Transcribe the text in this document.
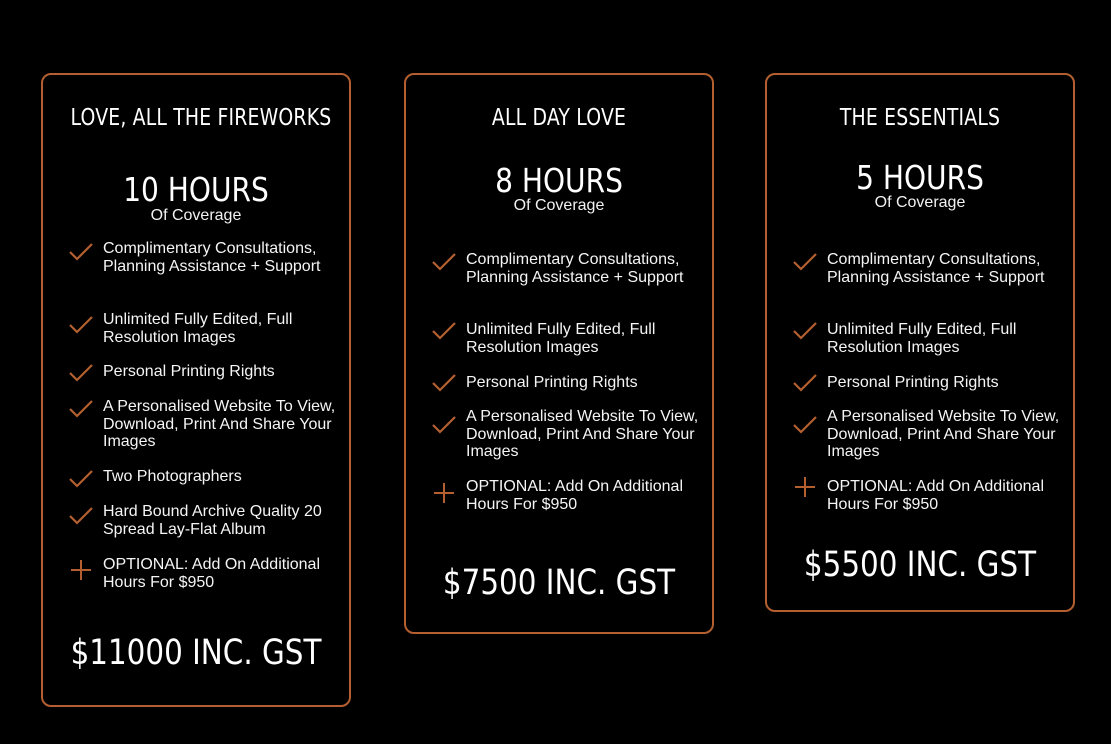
LOVE, ALL THE FIREWORKS
10 HOURS
Of Coverage
Complimentary Consultations, Planning Assistance + Support
Unlimited Fully Edited, Full Resolution Images
Personal Printing Rights
A Personalised Website To View, Download, Print And Share Your Images
Two Photographers
Hard Bound Archive Quality 20 Spread Lay-Flat Album
OPTIONAL: Add On Additional Hours For $950
$11000 INC. GST
ALL DAY LOVE
8 HOURS
Of Coverage
Complimentary Consultations, Planning Assistance + Support
Unlimited Fully Edited, Full Resolution Images
Personal Printing Rights
A Personalised Website To View, Download, Print And Share Your Images
OPTIONAL: Add On Additional Hours For $950
$7500 INC. GST
THE ESSENTIALS
5 HOURS
Of Coverage
Complimentary Consultations, Planning Assistance + Support
Unlimited Fully Edited, Full Resolution Images
Personal Printing Rights
A Personalised Website To View, Download, Print And Share Your Images
OPTIONAL: Add On Additional Hours For $950
$5500 INC. GST
